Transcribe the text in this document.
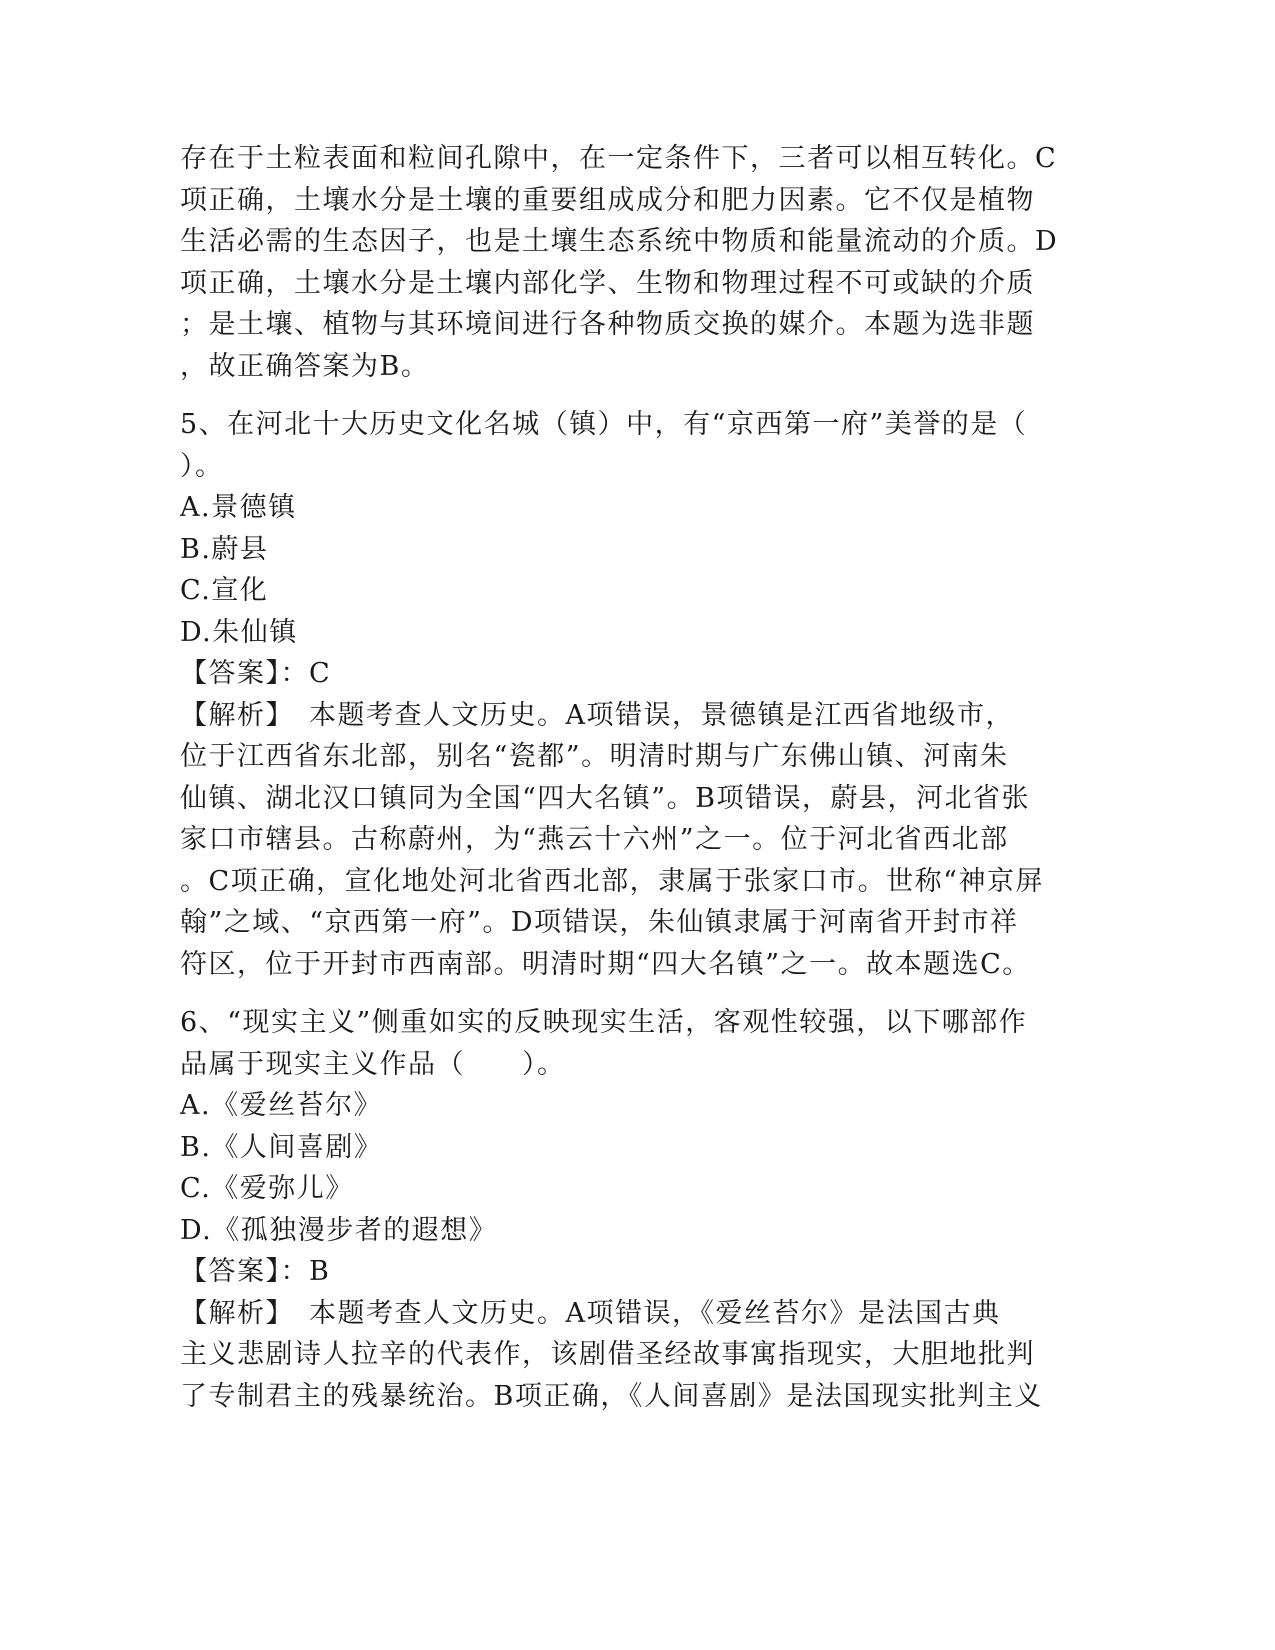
存在于土粒表面和粒间孔隙中，在一定条件下，三者可以相互转化。C
项正确，土壤水分是土壤的重要组成成分和肥力因素。它不仅是植物
生活必需的生态因子，也是土壤生态系统中物质和能量流动的介质。D
项正确，土壤水分是土壤内部化学、生物和物理过程不可或缺的介质
；是土壤、植物与其环境间进行各种物质交换的媒介。本题为选非题
，故正确答案为B。
5、在河北十大历史文化名城（镇）中，有“京西第一府”美誉的是（
）。
A.景德镇
B.蔚县
C.宣化
D.朱仙镇
【答案】：C
【解析】　本题考查人文历史。A项错误，景德镇是江西省地级市，
位于江西省东北部，别名“瓷都”。明清时期与广东佛山镇、河南朱
仙镇、湖北汉口镇同为全国“四大名镇”。B项错误，蔚县，河北省张
家口市辖县。古称蔚州，为“燕云十六州”之一。位于河北省西北部
。C项正确，宣化地处河北省西北部，隶属于张家口市。世称“神京屏
翰”之域、“京西第一府”。D项错误，朱仙镇隶属于河南省开封市祥
符区，位于开封市西南部。明清时期“四大名镇”之一。故本题选C。
6、“现实主义”侧重如实的反映现实生活，客观性较强，以下哪部作
品属于现实主义作品（　　）。
A.《爱丝苔尔》
B.《人间喜剧》
C.《爱弥儿》
D.《孤独漫步者的遐想》
【答案】：B
【解析】　本题考查人文历史。A项错误，《爱丝苔尔》是法国古典
主义悲剧诗人拉辛的代表作，该剧借圣经故事寓指现实，大胆地批判
了专制君主的残暴统治。B项正确，《人间喜剧》是法国现实批判主义
